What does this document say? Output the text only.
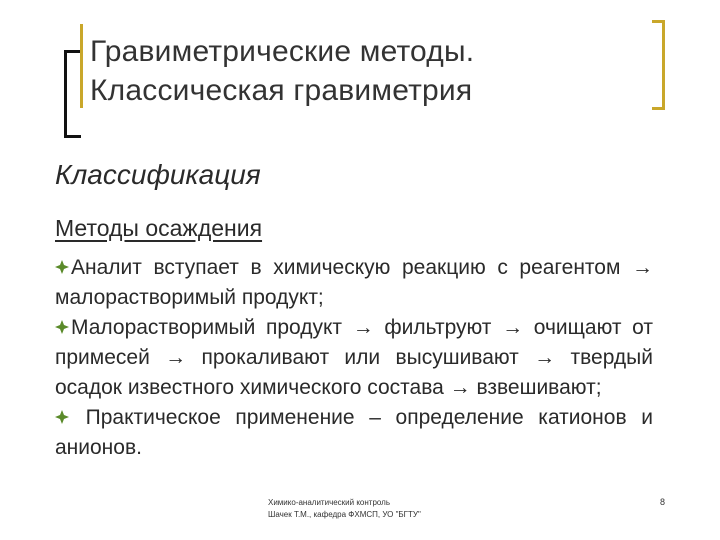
Гравиметрические методы.
Классическая гравиметрия
Классификация
Методы осаждения
Аналит вступает в химическую реакцию с реагентом → малорастворимый продукт;
Малорастворимый продукт → фильтруют → очищают от примесей → прокаливают или высушивают → твердый осадок известного химического состава → взвешивают;
Практическое применение – определение катионов и анионов.
Химико-аналитический контроль
Шачек Т.М., кафедра ФХМСП, УО "БГТУ"
8
